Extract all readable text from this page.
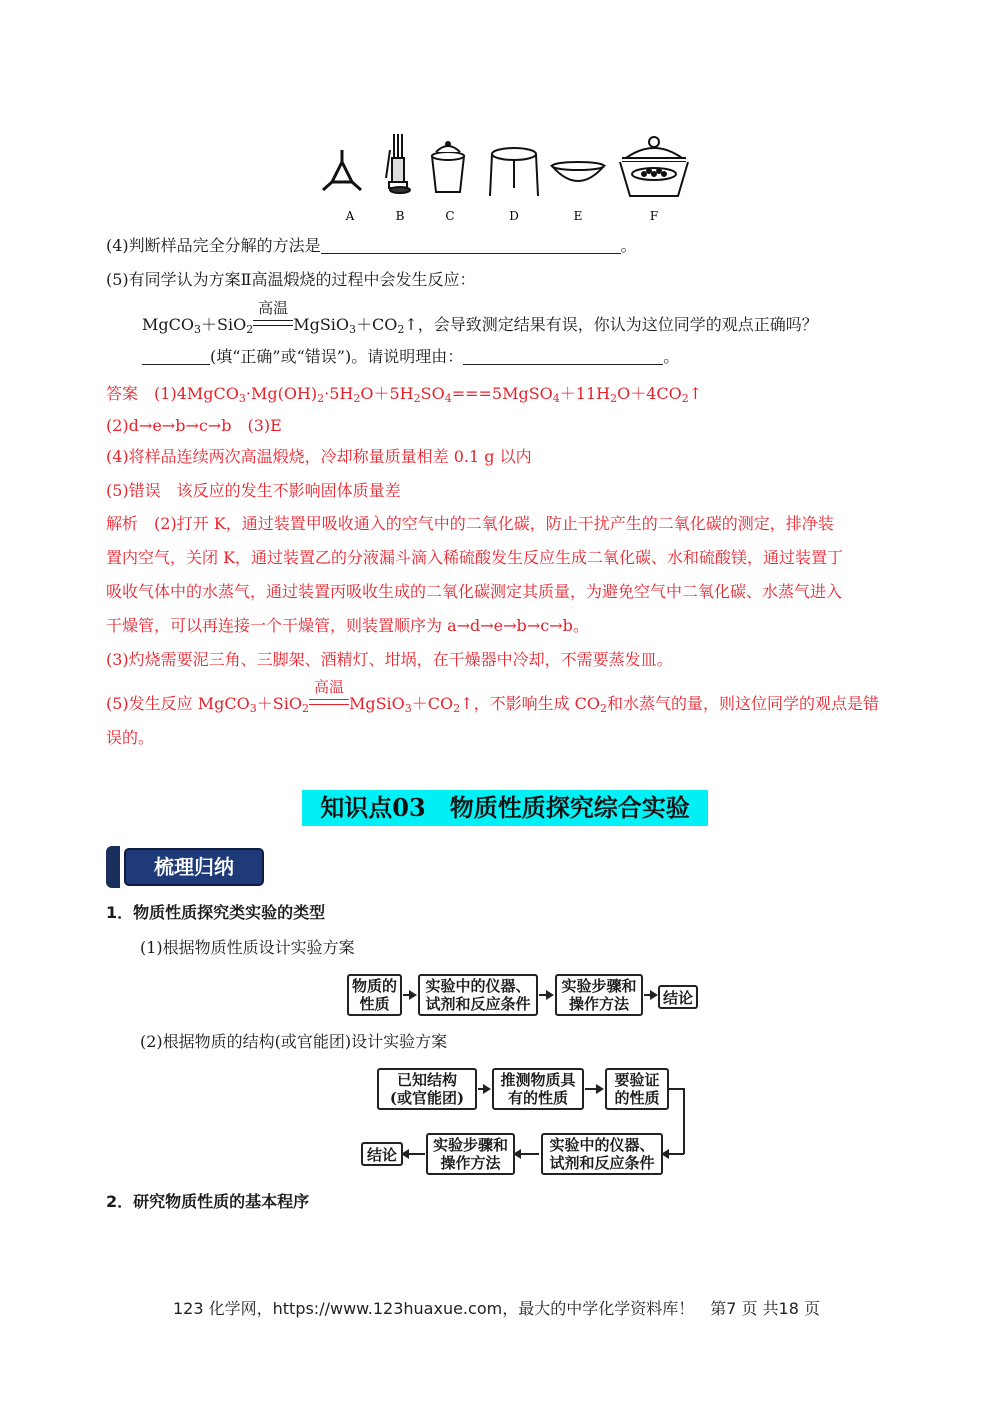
A	B	C	D	E	F
(4)判断样品完全分解的方法是	。
(5)有同学认为方案Ⅱ高温煅烧的过程中会发生反应：
MgCO$_3$＋SiO$_2$
高温
$MgSiO_3+CO_2↑$，会导致测定结果有误，你认为这位同学的观点正确吗？
(填“正确”或“错误”)。请说明理由：	。
答案　 $(1)4MgCO_3\cdot Mg(OH)_2\cdot 5H_2O+5H_2SO_4===5MgSO_4+11H_2O+4CO_2↑$
(2)d→e→b→c→b　(3)E
(4)将样品连续两次高温煅烧，冷却称量质量相差 0.1 g 以内
(5)错误　该反应的发生不影响固体质量差
解析　 (2)打开 K，通过装置甲吸收通入的空气中的二氧化碳，防止干扰产生的二氧化碳的测定，排净装
置内空气，关闭 K，通过装置乙的分液漏斗滴入稀硫酸发生反应生成二氧化碳、水和硫酸镁，通过装置丁
吸收气体中的水蒸气，通过装置丙吸收生成的二氧化碳测定其质量，为避免空气中二氧化碳、水蒸气进入
干燥管，可以再连接一个干燥管，则装置顺序为 a→d→e→b→c→b。
(3)灼烧需要泥三角、三脚架、酒精灯、坩埚，在干燥器中冷却，不需要蒸发皿。
(5)发生反应 MgCO$_3$＋SiO$_2$
高温
$MgSiO_3+CO_2↑$，不影响生成 $CO_2$和水蒸气的量，则这位同学的观点是错
误的。
知识点03　物质性质探究综合实验
梳理归纳
1．物质性质探究类实验的类型
(1)根据物质性质设计实验方案
物质的
性质
实验中的仪器、
试剂和反应条件
实验步骤和
操作方法	结论
(2)根据物质的结构(或官能团)设计实验方案
已知结构
(或官能团)
推测物质具
有的性质
要验证
的性质
实验中的仪器、
试剂和反应条件
实验步骤和
操作方法
结论
2．研究物质性质的基本程序
123 化学网，https://www.123huaxue.com，最大的中学化学资料库！　第7 页 共18 页
